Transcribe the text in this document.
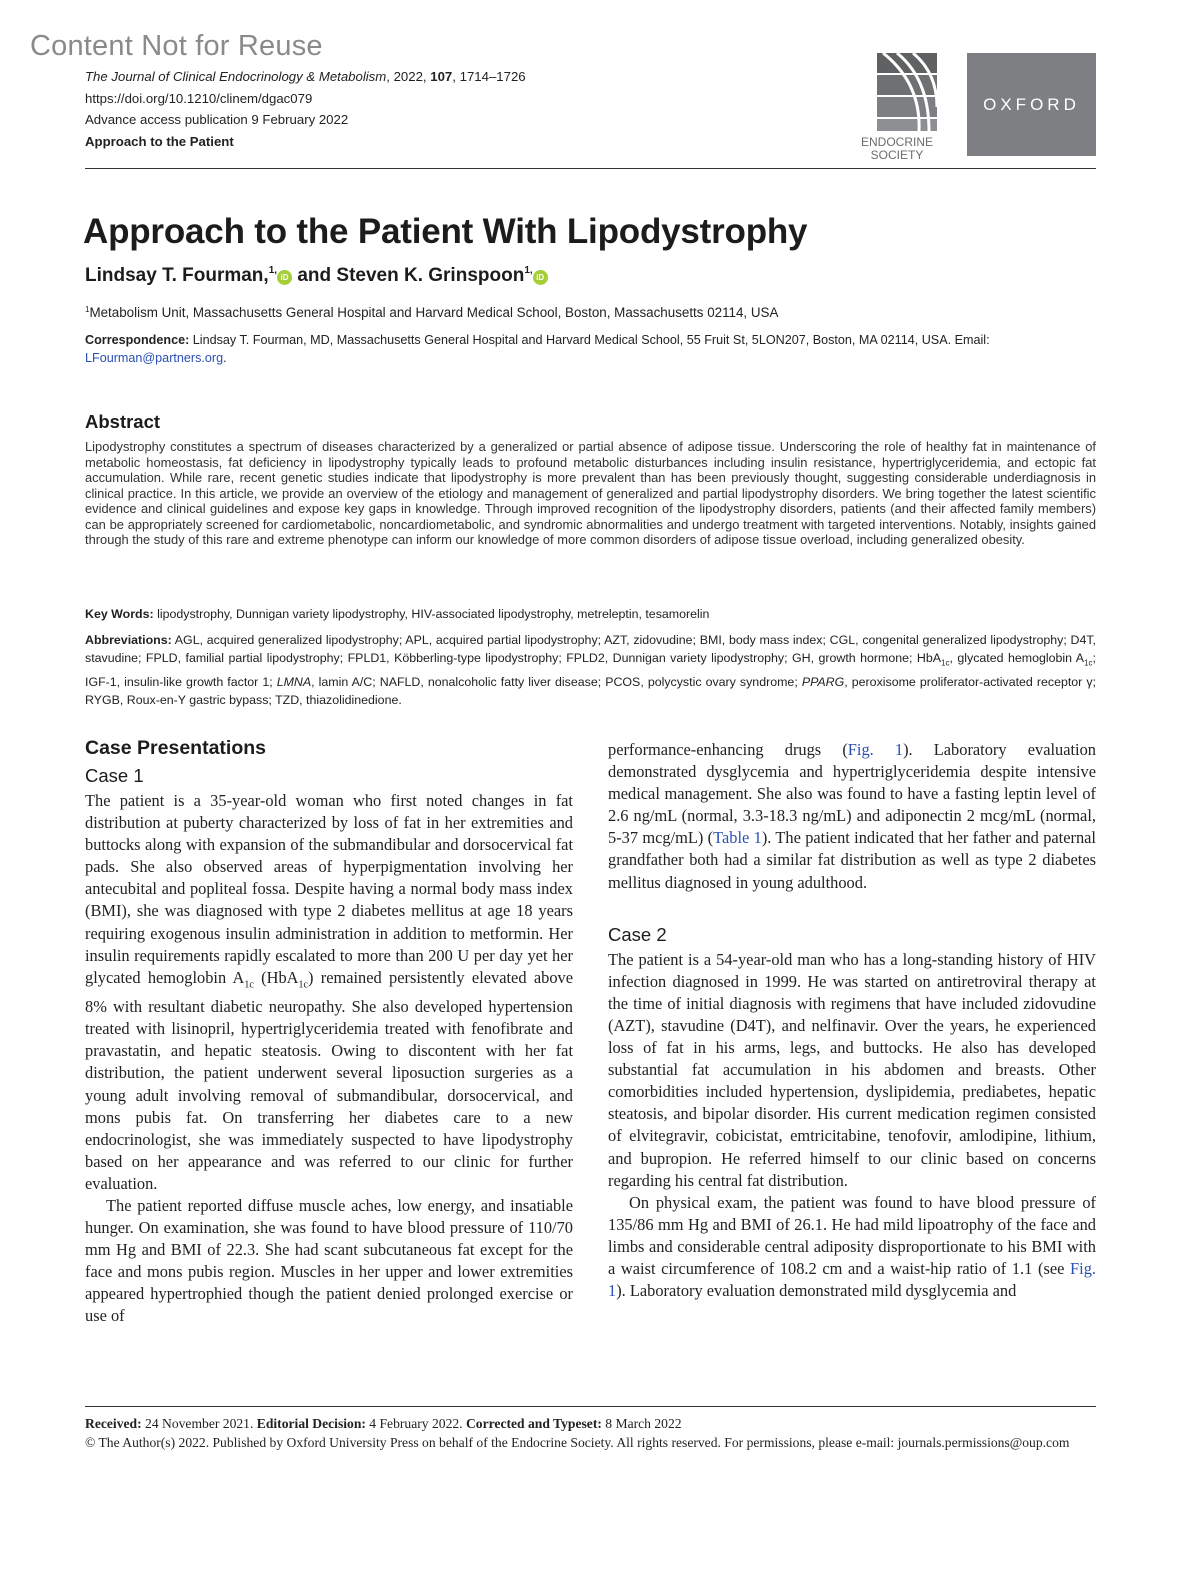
Content Not for Reuse
The Journal of Clinical Endocrinology & Metabolism, 2022, 107, 1714–1726
https://doi.org/10.1210/clinem/dgac079
Advance access publication 9 February 2022
Approach to the Patient	ENDOCRINE
SOCIETY
OXFORD
Approach to the Patient With Lipodystrophy
Lindsay T. Fourman,$^{1,}$iD and Steven K. Grinspoon$^{1,}$iD
$^1$Metabolism Unit, Massachusetts General Hospital and Harvard Medical School, Boston, Massachusetts 02114, USA
Correspondence: Lindsay T. Fourman, MD, Massachusetts General Hospital and Harvard Medical School, 55 Fruit St, 5LON207, Boston, MA 02114, USA. Email: LFourman@partners.org.
Abstract
Lipodystrophy constitutes a spectrum of diseases characterized by a generalized or partial absence of adipose tissue. Underscoring the role of healthy fat in maintenance of metabolic homeostasis, fat deficiency in lipodystrophy typically leads to profound metabolic disturbances including insulin resistance, hypertriglyceridemia, and ectopic fat accumulation. While rare, recent genetic studies indicate that lipodystrophy is more prevalent than has been previously thought, suggesting considerable underdiagnosis in clinical practice. In this article, we provide an overview of the etiology and management of generalized and partial lipodystrophy disorders. We bring together the latest scientific evidence and clinical guidelines and expose key gaps in knowledge. Through improved recognition of the lipodystrophy disorders, patients (and their affected family members) can be appropriately screened for cardiometabolic, noncardiometabolic, and syndromic abnormalities and undergo treatment with targeted interventions. Notably, insights gained through the study of this rare and extreme phenotype can inform our knowledge of more common disorders of adipose tissue overload, including generalized obesity.
Key Words: lipodystrophy, Dunnigan variety lipodystrophy, HIV-associated lipodystrophy, metreleptin, tesamorelin
Abbreviations: AGL, acquired generalized lipodystrophy; APL, acquired partial lipodystrophy; AZT, zidovudine; BMI, body mass index; CGL, congenital generalized lipodystrophy; D4T, stavudine; FPLD, familial partial lipodystrophy; FPLD1, Köbberling-type lipodystrophy; FPLD2, Dunnigan variety lipodystrophy; GH, growth hormone; HbA$_{1c}$, glycated hemoglobin $A_{1c}$; IGF-1, insulin-like growth factor 1; LMNA, lamin A/C; NAFLD, nonalcoholic fatty liver disease; PCOS, polycystic ovary syndrome; PPARG, peroxisome proliferator-activated receptor γ; RYGB, Roux-en-Y gastric bypass; TZD, thiazolidinedione.
Case Presentations
Case 1

The patient is a 35-year-old woman who first noted changes in fat distribution at puberty characterized by loss of fat in her extremities and buttocks along with expansion of the submandibular and dorsocervical fat pads. She also observed areas of hyperpigmentation involving her antecubital and popliteal fossa. Despite having a normal body mass index (BMI), she was diagnosed with type 2 diabetes mellitus at age 18 years requiring exogenous insulin administration in addition to metformin. Her insulin requirements rapidly escalated to more than 200 U per day yet her glycated hemoglobin $A_{1c}$ (HbA$_{1c}$) remained persistently elevated above 8% with resultant diabetic neuropathy. She also developed hypertension treated with lisinopril, hypertriglyceridemia treated with fenofibrate and pravastatin, and hepatic steatosis. Owing to discontent with her fat distribution, the patient underwent several liposuction surgeries as a young adult involving removal of submandibular, dorsocervical, and mons pubis fat. On transferring her diabetes care to a new endocrinologist, she was immediately suspected to have lipodystrophy based on her appearance and was referred to our clinic for further evaluation.

The patient reported diffuse muscle aches, low energy, and insatiable hunger. On examination, she was found to have blood pressure of 110/70 mm Hg and BMI of 22.3. She had scant subcutaneous fat except for the face and mons pubis region. Muscles in her upper and lower extremities appeared hypertrophied though the patient denied prolonged exercise or use of

performance-enhancing drugs (Fig. 1). Laboratory evaluation demonstrated dysglycemia and hypertriglyceridemia despite intensive medical management. She also was found to have a fasting leptin level of 2.6 ng/mL (normal, 3.3-18.3 ng/mL) and adiponectin 2 mcg/mL (normal, 5-37 mcg/mL) (Table 1). The patient indicated that her father and paternal grandfather both had a similar fat distribution as well as type 2 diabetes mellitus diagnosed in young adulthood.

Case 2

The patient is a 54-year-old man who has a long-standing history of HIV infection diagnosed in 1999. He was started on antiretroviral therapy at the time of initial diagnosis with regimens that have included zidovudine (AZT), stavudine (D4T), and nelfinavir. Over the years, he experienced loss of fat in his arms, legs, and buttocks. He also has developed substantial fat accumulation in his abdomen and breasts. Other comorbidities included hypertension, dyslipidemia, prediabetes, hepatic steatosis, and bipolar disorder. His current medication regimen consisted of elvitegravir, cobicistat, emtricitabine, tenofovir, amlodipine, lithium, and bupropion. He referred himself to our clinic based on concerns regarding his central fat distribution.

On physical exam, the patient was found to have blood pressure of 135/86 mm Hg and BMI of 26.1. He had mild lipoatrophy of the face and limbs and considerable central adiposity disproportionate to his BMI with a waist circumference of 108.2 cm and a waist-hip ratio of 1.1 (see Fig. 1). Laboratory evaluation demonstrated mild dysglycemia and

Received: 24 November 2021. Editorial Decision: 4 February 2022. Corrected and Typeset: 8 March 2022
© The Author(s) 2022. Published by Oxford University Press on behalf of the Endocrine Society. All rights reserved. For permissions, please e-mail: journals.permissions@oup.com
